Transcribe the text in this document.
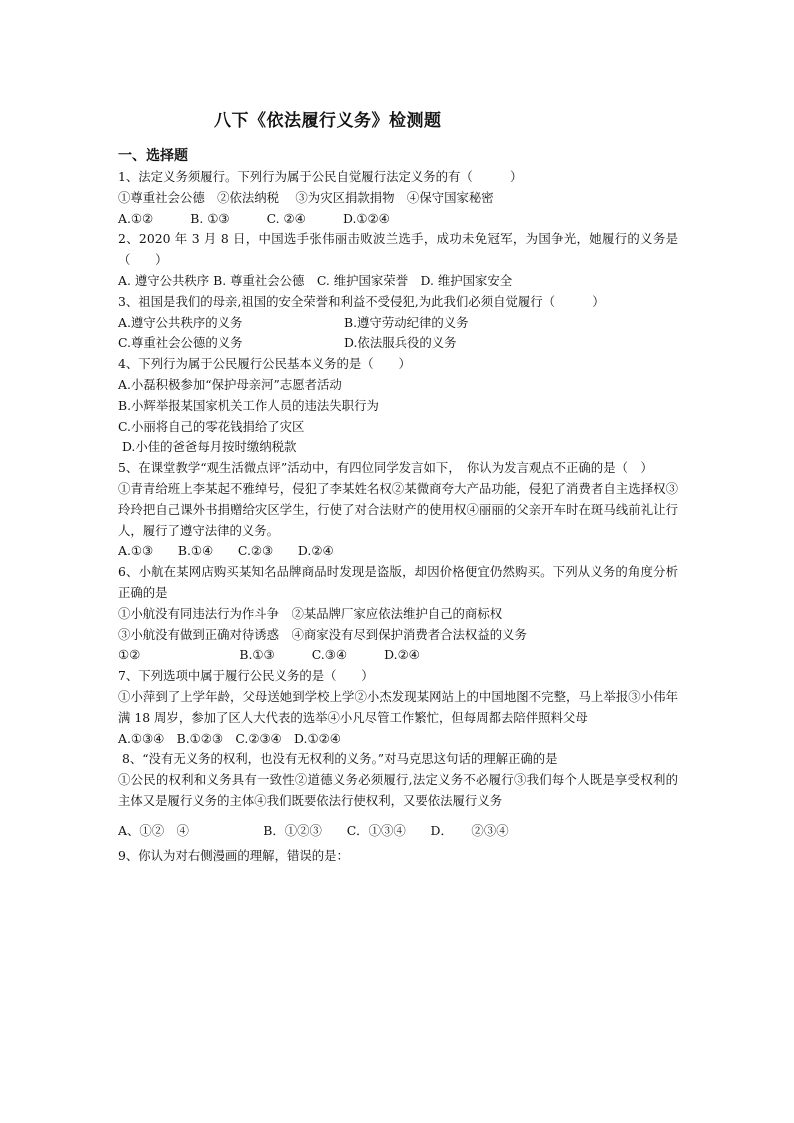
八下《依法履行义务》检测题
一、选择题
1、法定义务须履行。下列行为属于公民自觉履行法定义务的有（　　　）
①尊重社会公德　②依法纳税　 ③为灾区捐款捐物　④保守国家秘密
A.①②　　　B. ①③　　　C. ②④　　　D.①②④
2、2020 年 3 月 8 日，中国选手张伟丽击败波兰选手，成功未免冠军，为国争光，她履行的义务是（　　）
A. 遵守公共秩序 B. 尊重社会公德　C. 维护国家荣誉　D. 维护国家安全
3、祖国是我们的母亲,祖国的安全荣誉和利益不受侵犯,为此我们必须自觉履行（　　　）
A.遵守公共秩序的义务	B.遵守劳动纪律的义务
C.尊重社会公德的义务	D.依法服兵役的义务
4、下列行为属于公民履行公民基本义务的是（　　）
A.小磊积极参加“保护母亲河”志愿者活动
B.小辉举报某国家机关工作人员的违法失职行为
C.小丽将自己的零花钱捐给了灾区
D.小佳的爸爸每月按时缴纳税款
5、在课堂教学“观生活微点评”活动中，有四位同学发言如下，　你认为发言观点不正确的是（　）
①青青给班上李某起不雅绰号，侵犯了李某姓名权②某微商夸大产品功能，侵犯了消费者自主选择权③玲玲把自己课外书捐赠给灾区学生，行使了对合法财产的使用权④丽丽的父亲开车时在斑马线前礼让行人，履行了遵守法律的义务。
A.①③　　B.①④　　C.②③　　D.②④
6、小航在某网店购买某知名品牌商品时发现是盗版，却因价格便宜仍然购买。下列从义务的角度分析正确的是
①小航没有同违法行为作斗争　②某品牌厂家应依法维护自己的商标权
③小航没有做到正确对待诱惑　④商家没有尽到保护消费者合法权益的义务
①②　　　　　　　　B.①③　　　C.③④　　　D.②④
7、下列选项中属于履行公民义务的是（　　）
①小萍到了上学年龄，父母送她到学校上学②小杰发现某网站上的中国地图不完整，马上举报③小伟年满 18 周岁，参加了区人大代表的选举④小凡尽管工作繁忙，但每周都去陪伴照料父母
A.①③④　B.①②③　C.②③④　D.①②④
8、“没有无义务的权利，也没有无权利的义务。”对马克思这句话的理解正确的是
①公民的权利和义务具有一致性②道德义务必须履行,法定义务不必履行③我们每个人既是享受权利的主体又是履行义务的主体④我们既要依法行使权利，又要依法履行义务
A、①②　④　　　　　　B．①②③　　C．①③④　　D．　　②③④
9、你认为对右侧漫画的理解，错误的是：
